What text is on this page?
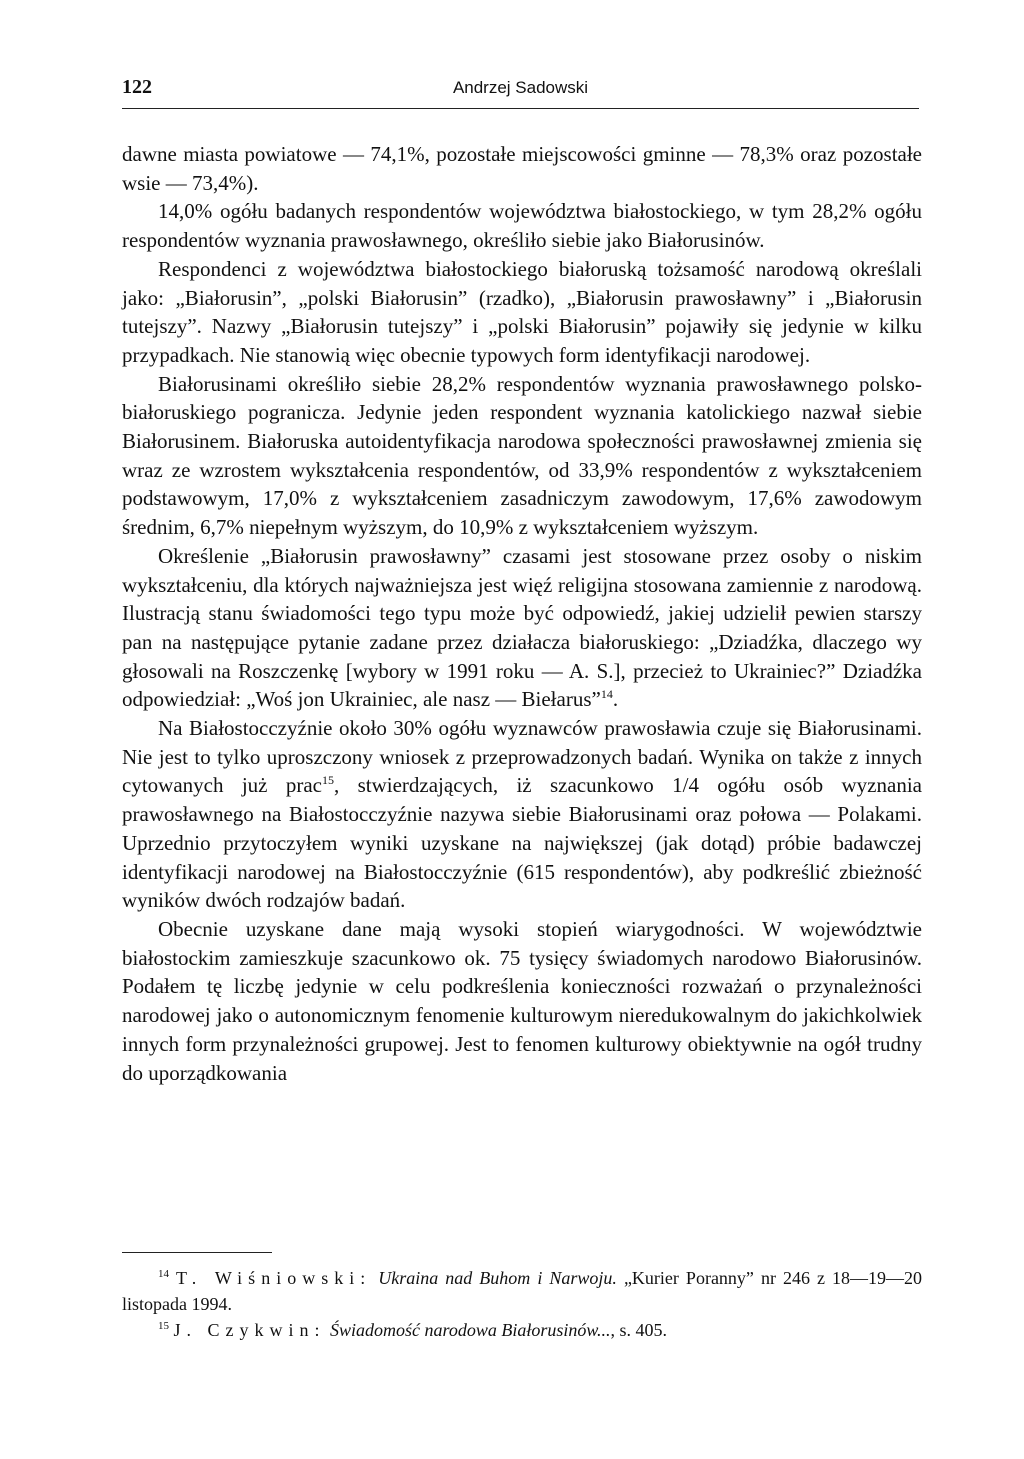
122	Andrzej Sadowski

dawne miasta powiatowe — 74,1%, pozostałe miejscowości gminne — 78,3% oraz pozostałe wsie — 73,4%).

14,0% ogółu badanych respondentów województwa białostockiego, w tym 28,2% ogółu respondentów wyznania prawosławnego, określiło siebie jako Białorusinów.

Respondenci z województwa białostockiego białoruską tożsamość narodową określali jako: „Białorusin”, „polski Białorusin” (rzadko), „Białorusin prawosławny” i „Białorusin tutejszy”. Nazwy „Białorusin tutejszy” i „polski Białorusin” pojawiły się jedynie w kilku przypadkach. Nie stanowią więc obecnie typowych form identyfikacji narodowej.

Białorusinami określiło siebie 28,2% respondentów wyznania prawosławnego polsko-białoruskiego pogranicza. Jedynie jeden respondent wyznania katolickiego nazwał siebie Białorusinem. Białoruska autoidentyfikacja narodowa społeczności prawosławnej zmienia się wraz ze wzrostem wykształcenia respondentów, od 33,9% respondentów z wykształceniem podstawowym, 17,0% z wykształceniem zasadniczym zawodowym, 17,6% zawodowym średnim, 6,7% niepełnym wyższym, do 10,9% z wykształceniem wyższym.

Określenie „Białorusin prawosławny” czasami jest stosowane przez osoby o niskim wykształceniu, dla których najważniejsza jest więź religijna stosowana zamiennie z narodową. Ilustracją stanu świadomości tego typu może być odpowiedź, jakiej udzielił pewien starszy pan na następujące pytanie zadane przez działacza białoruskiego: „Dziadźka, dlaczego wy głosowali na Roszczenkę [wybory w 1991 roku — A. S.], przecież to Ukrainiec?” Dziadźka odpowiedział: „Woś jon Ukrainiec, ale nasz — Biełarus”$^{14}$.

Na Białostocczyźnie około 30% ogółu wyznawców prawosławia czuje się Białorusinami. Nie jest to tylko uproszczony wniosek z przeprowadzonych badań. Wynika on także z innych cytowanych już prac$^{15}$, stwierdzających, iż szacunkowo 1/4 ogółu osób wyznania prawosławnego na Białostocczyźnie nazywa siebie Białorusinami oraz połowa — Polakami. Uprzednio przytoczyłem wyniki uzyskane na największej (jak dotąd) próbie badawczej identyfikacji narodowej na Białostocczyźnie (615 respondentów), aby podkreślić zbieżność wyników dwóch rodzajów badań.

Obecnie uzyskane dane mają wysoki stopień wiarygodności. W województwie białostockim zamieszkuje szacunkowo ok. 75 tysięcy świadomych narodowo Białorusinów. Podałem tę liczbę jedynie w celu podkreślenia konieczności rozważań o przynależności narodowej jako o autonomicznym fenomenie kulturowym nieredukowalnym do jakichkolwiek innych form przynależności grupowej. Jest to fenomen kulturowy obiektywnie na ogół trudny do uporządkowania

$^{14}$ T. Wiśniowski: Ukraina nad Buhom i Narwoju. „Kurier Poranny” nr 246 z 18—19—20 listopada 1994.

$^{15}$ J. Czykwin: Świadomość narodowa Białorusinów..., s. 405.
